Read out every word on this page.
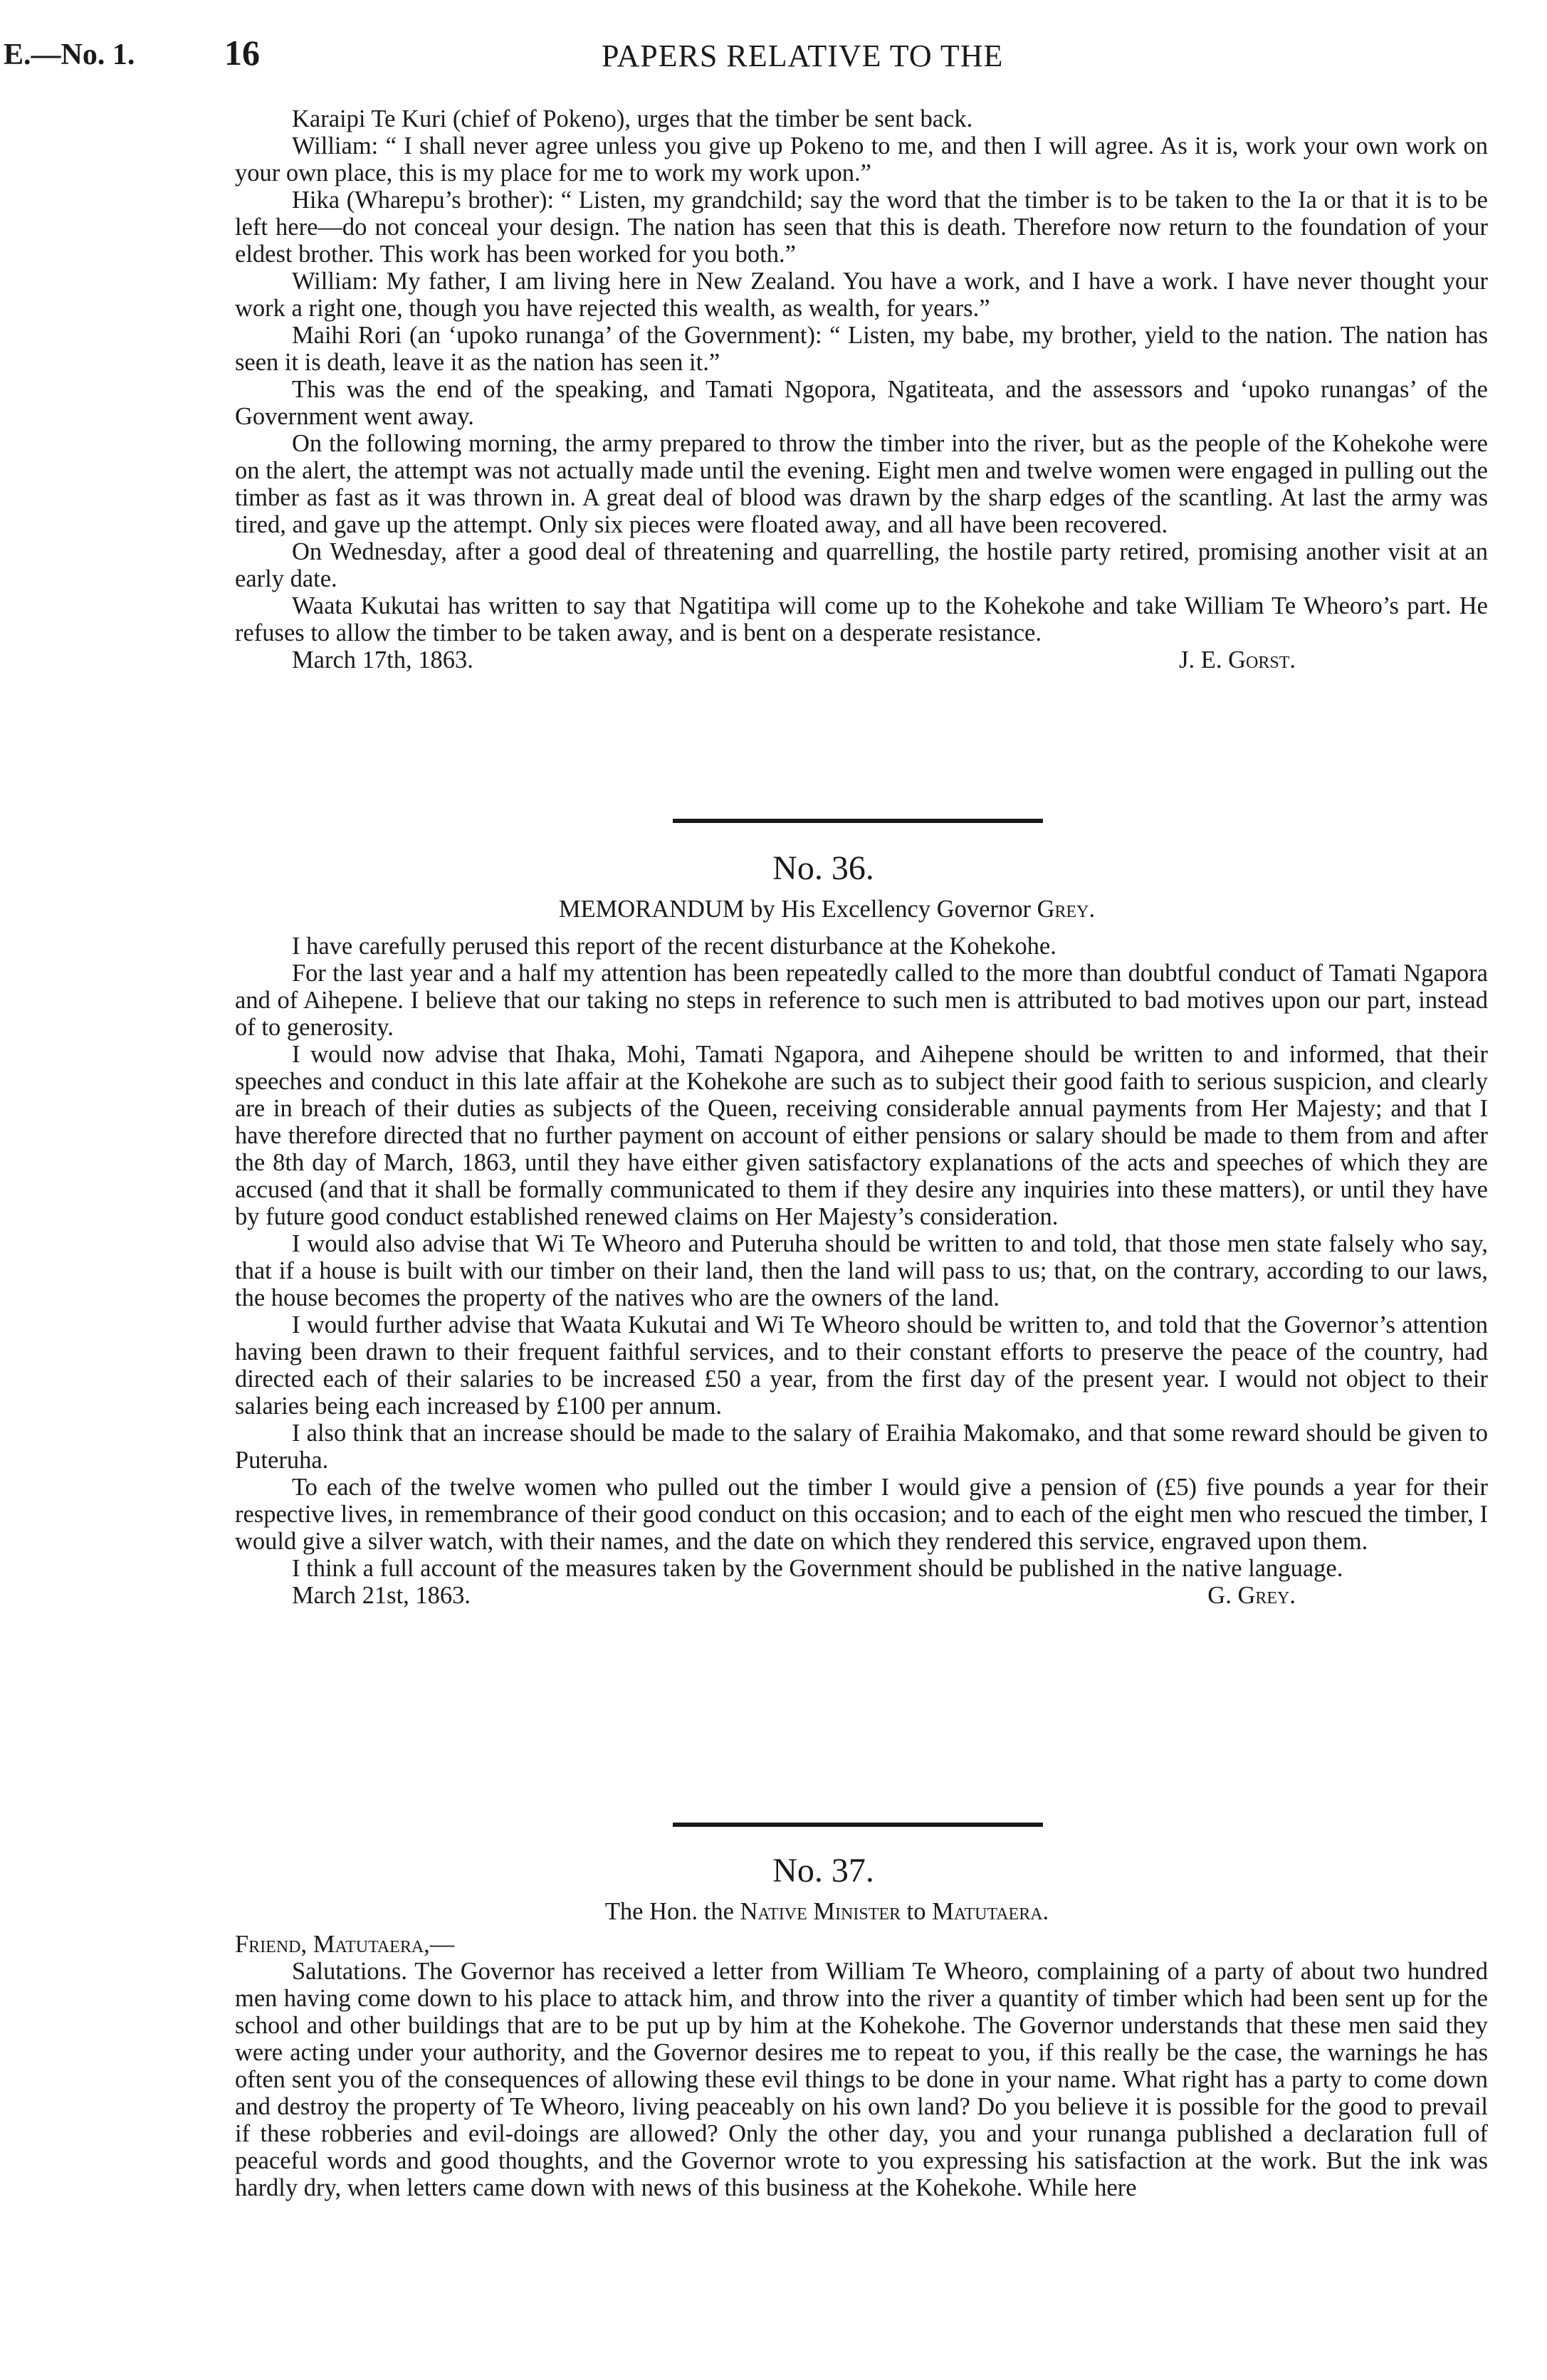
E.—No. 1.	16	PAPERS RELATIVE TO THE

Karaipi Te Kuri (chief of Pokeno), urges that the timber be sent back.

William: “ I shall never agree unless you give up Pokeno to me, and then I will agree. As it is, work your own work on your own place, this is my place for me to work my work upon.”

Hika (Wharepu’s brother): “ Listen, my grandchild; say the word that the timber is to be taken to the Ia or that it is to be left here—do not conceal your design. The nation has seen that this is death. Therefore now return to the foundation of your eldest brother. This work has been worked for you both.”

William: My father, I am living here in New Zealand. You have a work, and I have a work. I have never thought your work a right one, though you have rejected this wealth, as wealth, for years.”

Maihi Rori (an ‘upoko runanga’ of the Government): “ Listen, my babe, my brother, yield to the nation. The nation has seen it is death, leave it as the nation has seen it.”

This was the end of the speaking, and Tamati Ngopora, Ngatiteata, and the assessors and ‘upoko runangas’ of the Government went away.

On the following morning, the army prepared to throw the timber into the river, but as the people of the Kohekohe were on the alert, the attempt was not actually made until the evening. Eight men and twelve women were engaged in pulling out the timber as fast as it was thrown in. A great deal of blood was drawn by the sharp edges of the scantling. At last the army was tired, and gave up the attempt. Only six pieces were floated away, and all have been recovered.

On Wednesday, after a good deal of threatening and quarrelling, the hostile party retired, promising another visit at an early date.

Waata Kukutai has written to say that Ngatitipa will come up to the Kohekohe and take William Te Wheoro’s part. He refuses to allow the timber to be taken away, and is bent on a desperate resistance.

March 17th, 1863.	J. E. Gorst.
No. 36.
MEMORANDUM by His Excellency Governor Grey.

I have carefully perused this report of the recent disturbance at the Kohekohe.

For the last year and a half my attention has been repeatedly called to the more than doubtful conduct of Tamati Ngapora and of Aihepene. I believe that our taking no steps in reference to such men is attributed to bad motives upon our part, instead of to generosity.

I would now advise that Ihaka, Mohi, Tamati Ngapora, and Aihepene should be written to and informed, that their speeches and conduct in this late affair at the Kohekohe are such as to subject their good faith to serious suspicion, and clearly are in breach of their duties as subjects of the Queen, receiving considerable annual payments from Her Majesty; and that I have therefore directed that no further payment on account of either pensions or salary should be made to them from and after the 8th day of March, 1863, until they have either given satisfactory explanations of the acts and speeches of which they are accused (and that it shall be formally communicated to them if they desire any inquiries into these matters), or until they have by future good conduct established renewed claims on Her Majesty’s consideration.

I would also advise that Wi Te Wheoro and Puteruha should be written to and told, that those men state falsely who say, that if a house is built with our timber on their land, then the land will pass to us; that, on the contrary, according to our laws, the house becomes the property of the natives who are the owners of the land.

I would further advise that Waata Kukutai and Wi Te Wheoro should be written to, and told that the Governor’s attention having been drawn to their frequent faithful services, and to their constant efforts to preserve the peace of the country, had directed each of their salaries to be increased £50 a year, from the first day of the present year. I would not object to their salaries being each increased by £100 per annum.

I also think that an increase should be made to the salary of Eraihia Makomako, and that some reward should be given to Puteruha.

To each of the twelve women who pulled out the timber I would give a pension of (£5) five pounds a year for their respective lives, in remembrance of their good conduct on this occasion; and to each of the eight men who rescued the timber, I would give a silver watch, with their names, and the date on which they rendered this service, engraved upon them.

I think a full account of the measures taken by the Government should be published in the native language.

March 21st, 1863.	G. Grey.
No. 37.
The Hon. the Native Minister to Matutaera.

Friend, Matutaera,—

Salutations. The Governor has received a letter from William Te Wheoro, complaining of a party of about two hundred men having come down to his place to attack him, and throw into the river a quantity of timber which had been sent up for the school and other buildings that are to be put up by him at the Kohekohe. The Governor understands that these men said they were acting under your authority, and the Governor desires me to repeat to you, if this really be the case, the warnings he has often sent you of the consequences of allowing these evil things to be done in your name. What right has a party to come down and destroy the property of Te Wheoro, living peaceably on his own land? Do you believe it is possible for the good to prevail if these robberies and evil-doings are allowed? Only the other day, you and your runanga published a declaration full of peaceful words and good thoughts, and the Governor wrote to you expressing his satisfaction at the work. But the ink was hardly dry, when letters came down with news of this business at the Kohekohe. While here
